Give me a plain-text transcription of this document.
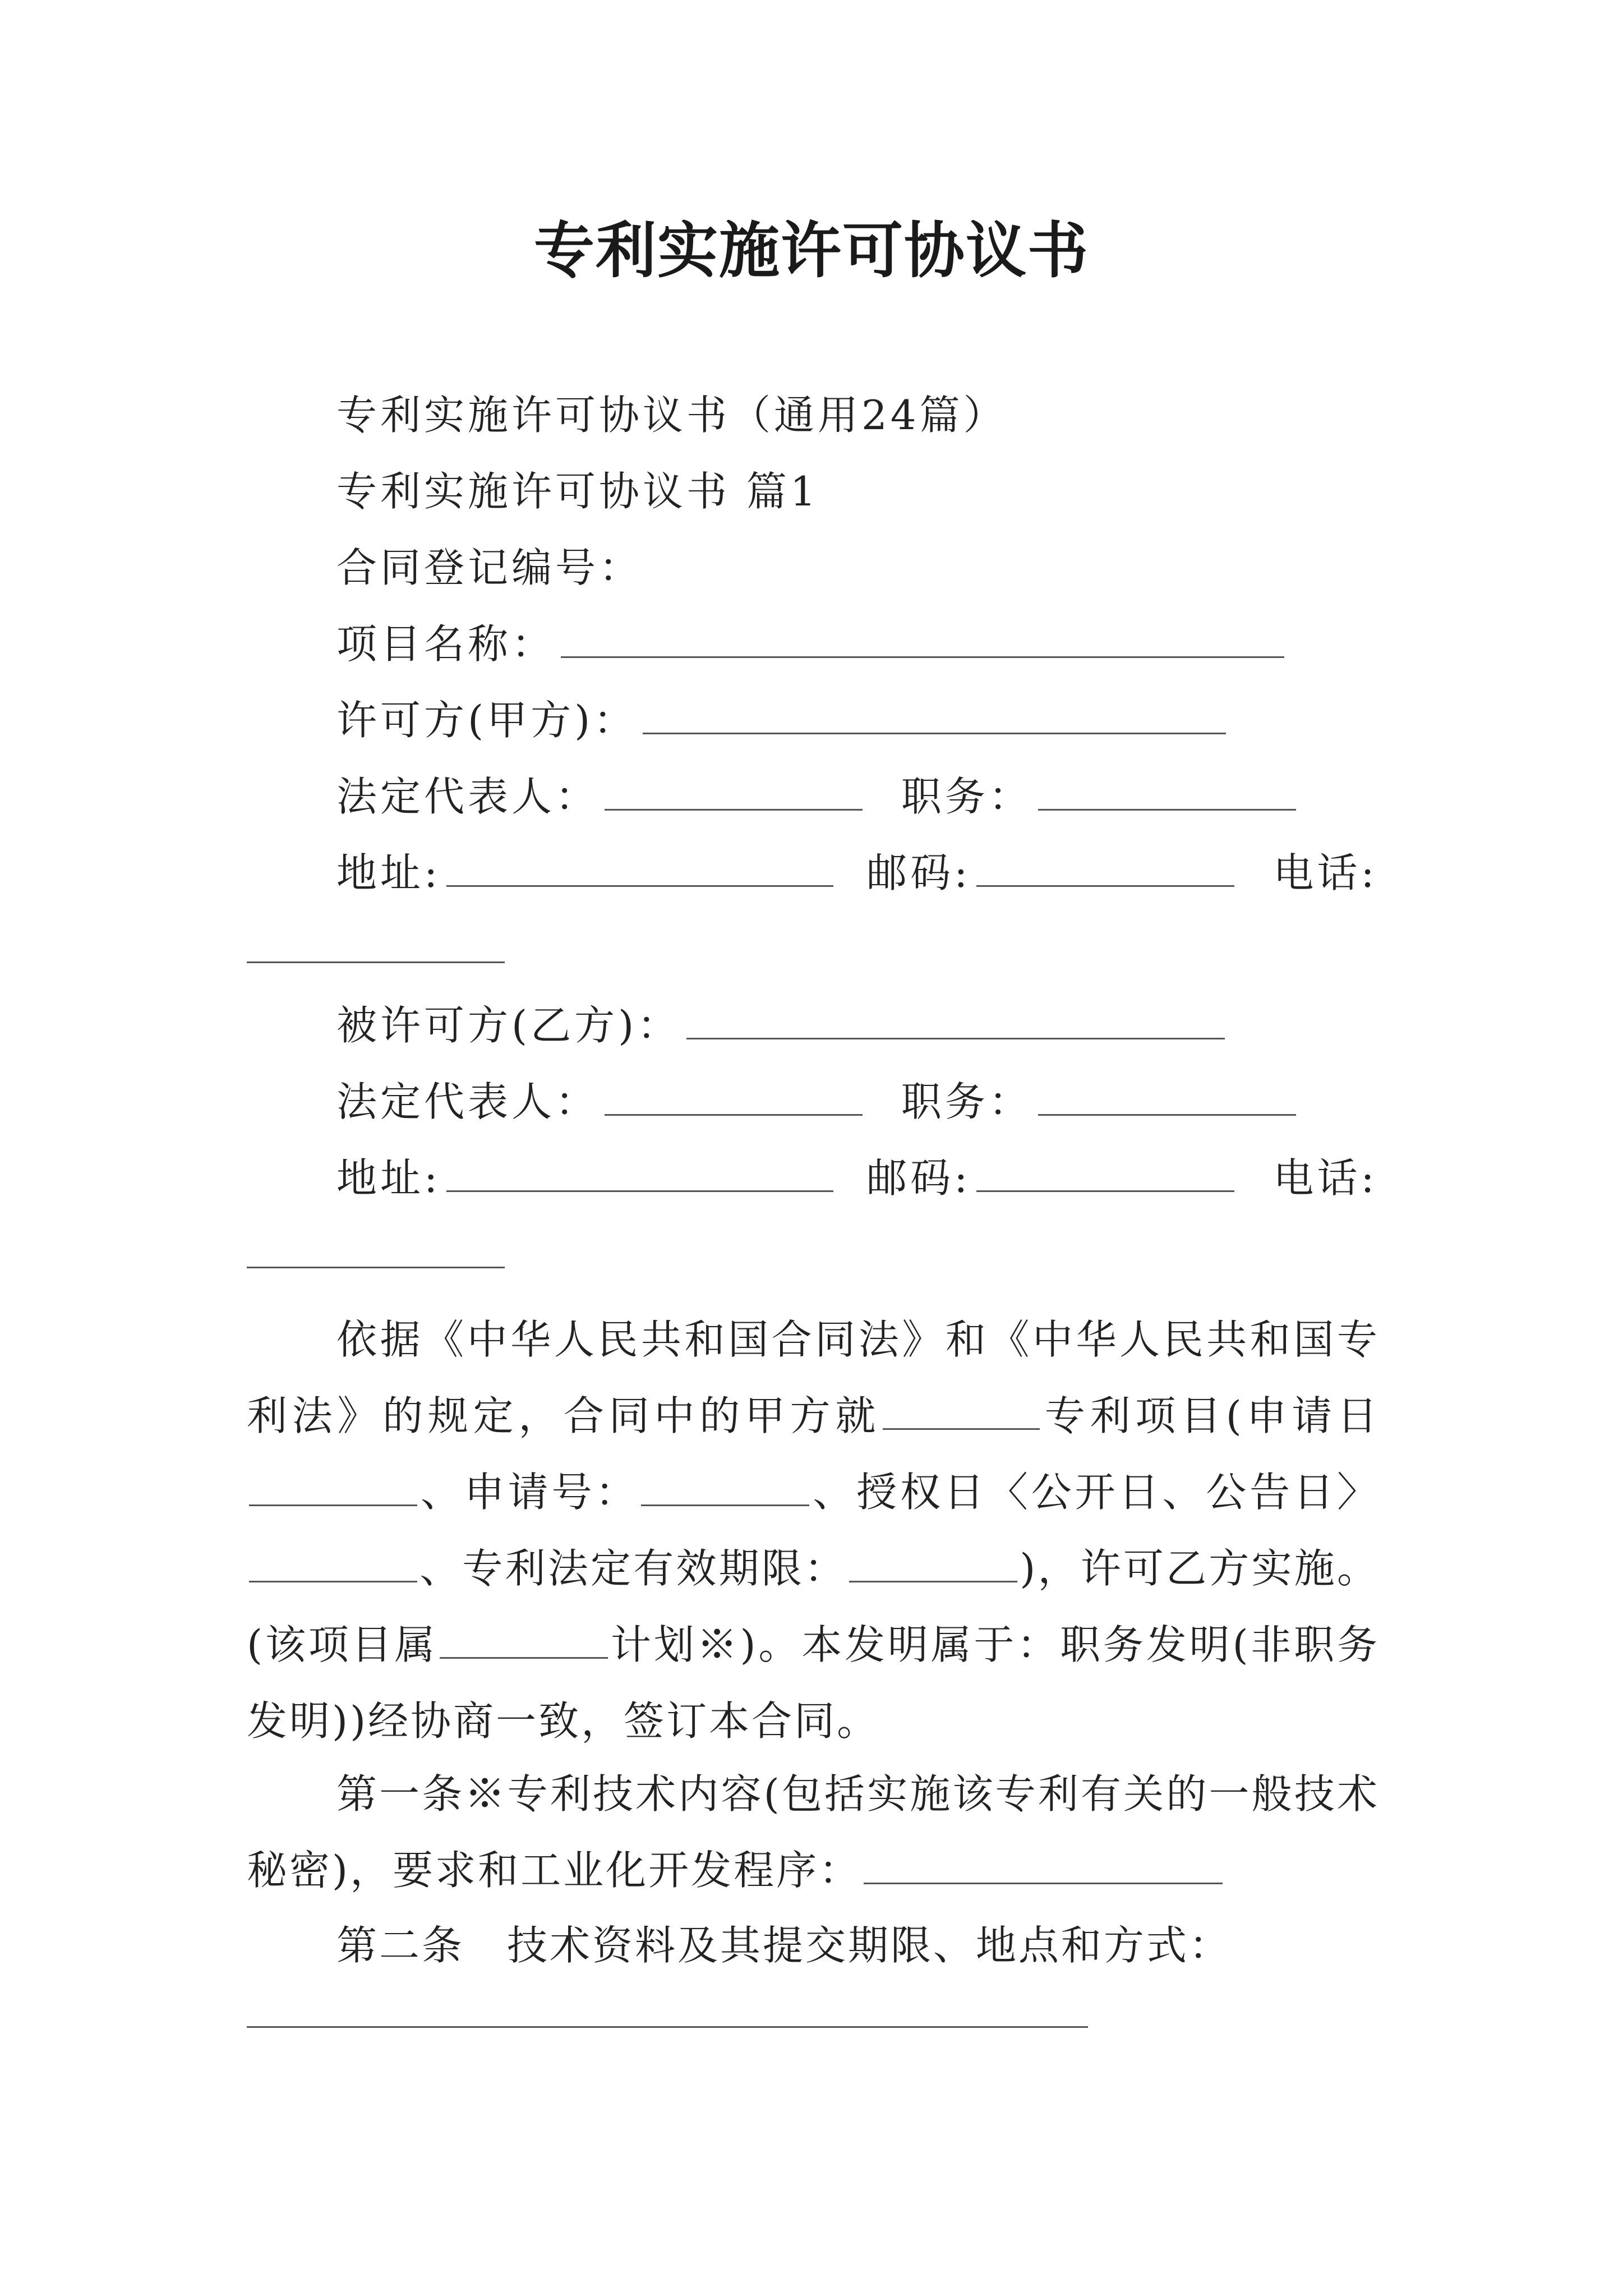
专利实施许可协议书
专利实施许可协议书（通用24篇）
专利实施许可协议书 篇1
合同登记编号：
项目名称：
许可方(甲方)：
法定代表人：	职务：
地址:	邮码:	电话:
被许可方(乙方)：
法定代表人：	职务：
地址:	邮码:	电话:
依据《中华人民共和国合同法》和《中华人民共和国专利法》的规定，合同中的甲方就	专利项目(申请日、申请号：	、授权日〈公开日、公告日〉、专利法定有效期限：	)，许可乙方实施。(该项目属	计划※)。本发明属于：职务发明(非职务发明))经协商一致，签订本合同。
第一条※专利技术内容(包括实施该专利有关的一般技术秘密)，要求和工业化开发程序：
第二条　技术资料及其提交期限、地点和方式：
